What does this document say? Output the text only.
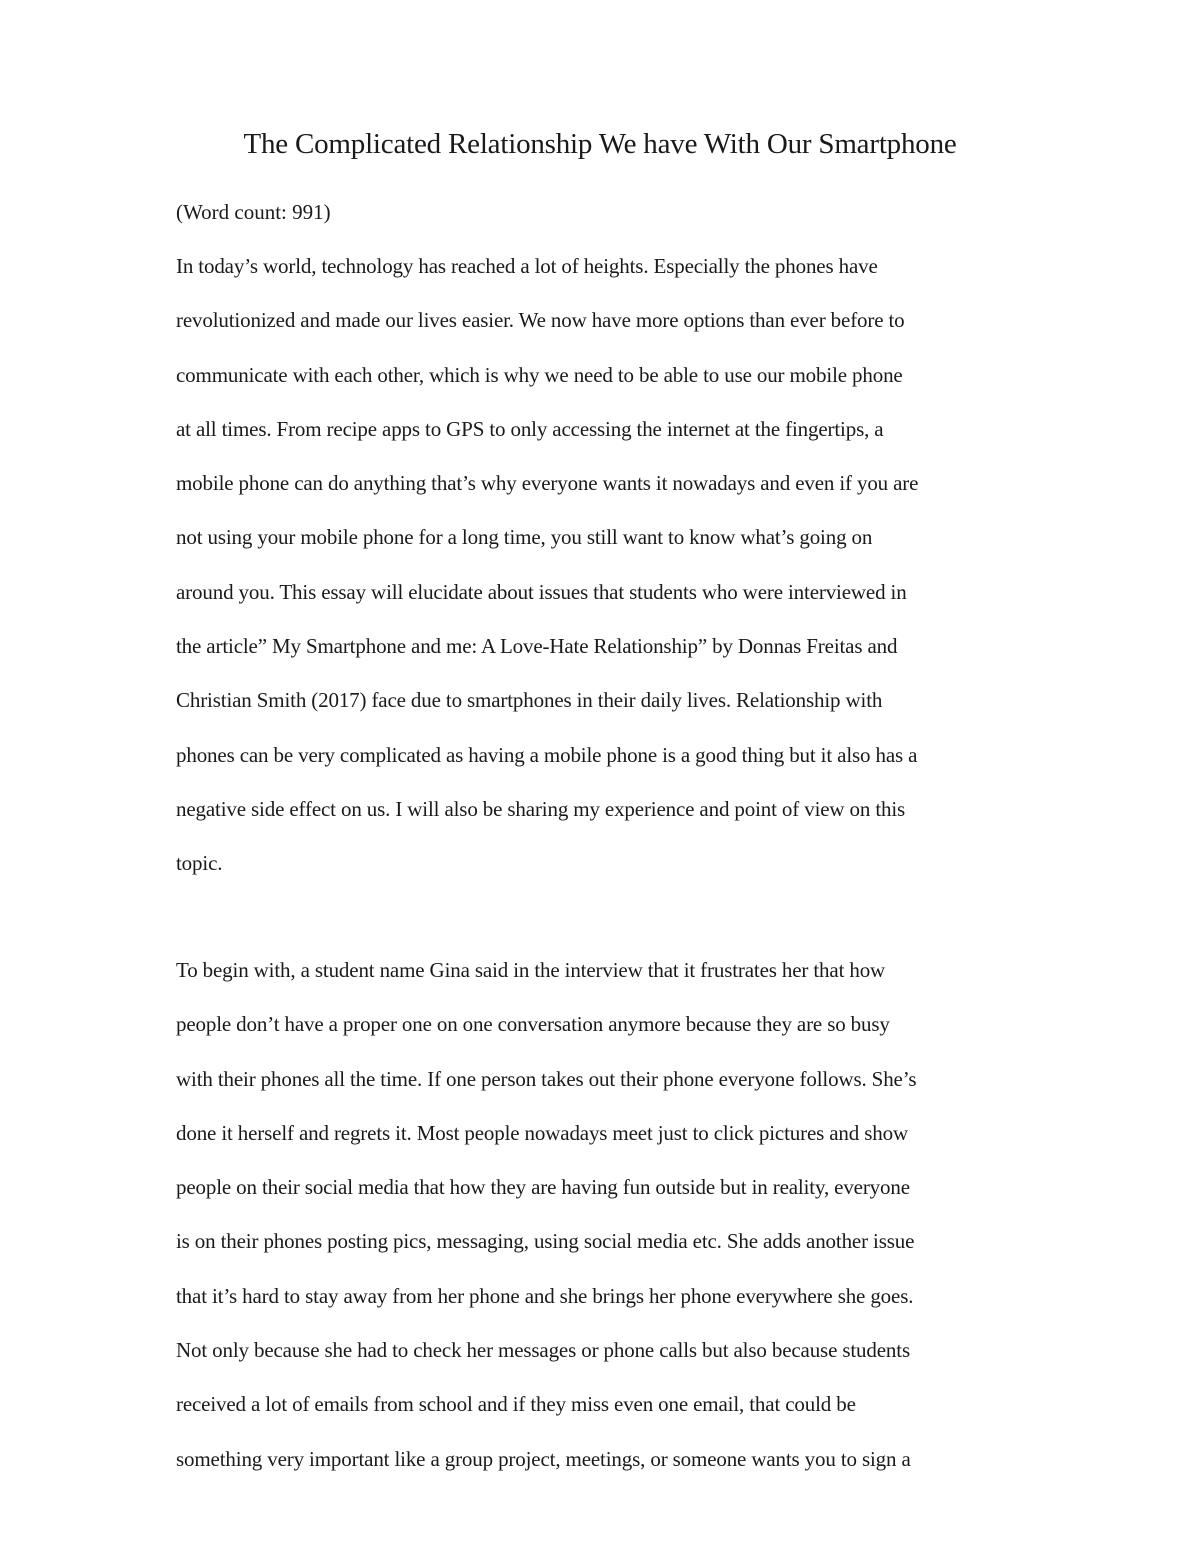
The Complicated Relationship We have With Our Smartphone

(Word count: 991)

In today’s world, technology has reached a lot of heights. Especially the phones have
revolutionized and made our lives easier. We now have more options than ever before to
communicate with each other, which is why we need to be able to use our mobile phone
at all times. From recipe apps to GPS to only accessing the internet at the fingertips, a
mobile phone can do anything that’s why everyone wants it nowadays and even if you are
not using your mobile phone for a long time, you still want to know what’s going on
around you. This essay will elucidate about issues that students who were interviewed in
the article” My Smartphone and me: A Love-Hate Relationship” by Donnas Freitas and
Christian Smith (2017) face due to smartphones in their daily lives. Relationship with
phones can be very complicated as having a mobile phone is a good thing but it also has a
negative side effect on us. I will also be sharing my experience and point of view on this
topic.
To begin with, a student name Gina said in the interview that it frustrates her that how
people don’t have a proper one on one conversation anymore because they are so busy
with their phones all the time. If one person takes out their phone everyone follows. She’s
done it herself and regrets it. Most people nowadays meet just to click pictures and show
people on their social media that how they are having fun outside but in reality, everyone
is on their phones posting pics, messaging, using social media etc. She adds another issue
that it’s hard to stay away from her phone and she brings her phone everywhere she goes.
Not only because she had to check her messages or phone calls but also because students
received a lot of emails from school and if they miss even one email, that could be
something very important like a group project, meetings, or someone wants you to sign a
